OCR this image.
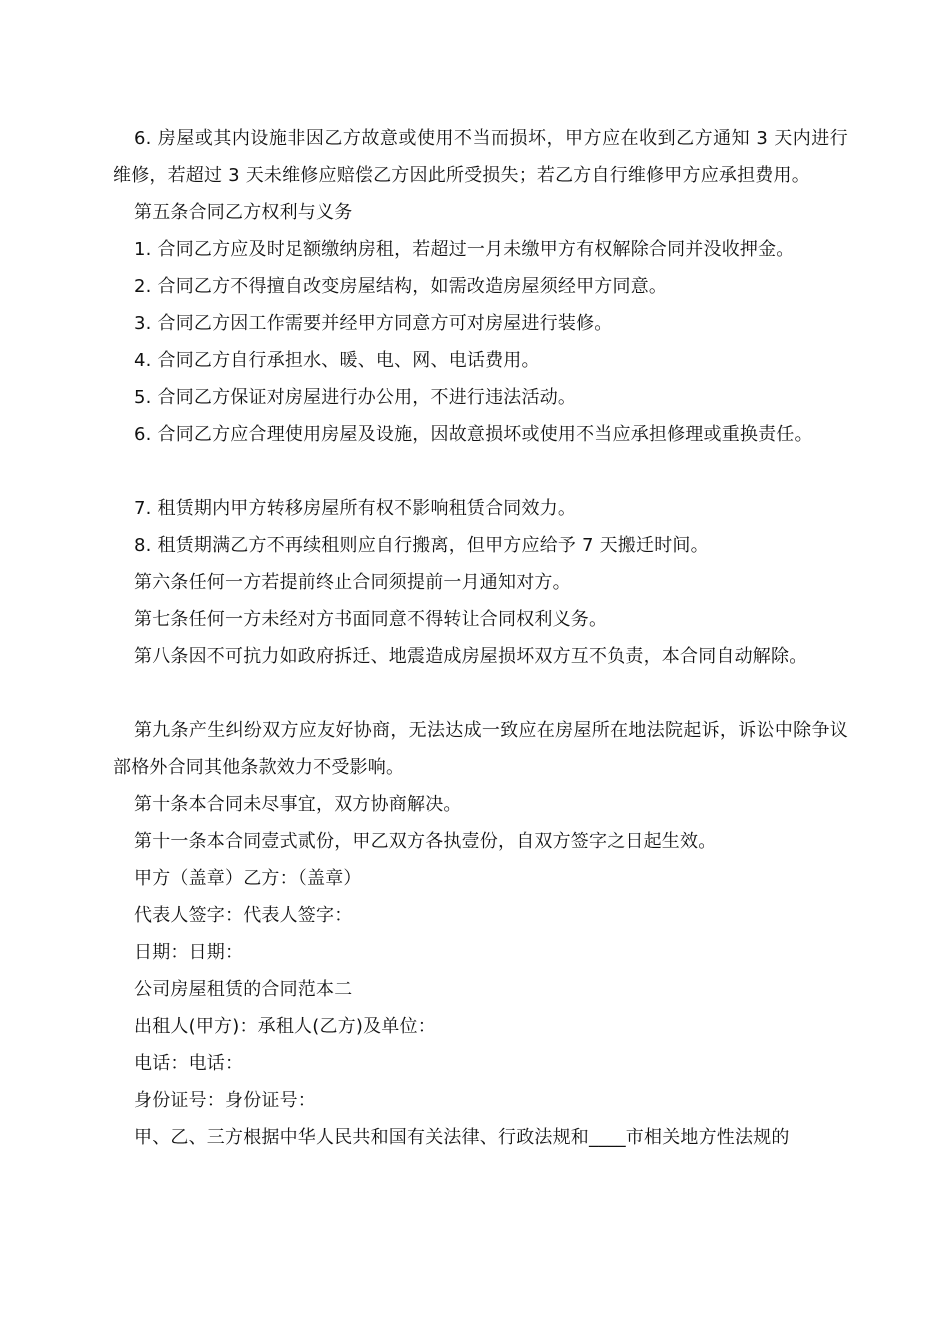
6. 房屋或其内设施非因乙方故意或使用不当而损坏，甲方应在收到乙方通知 3 天内进行维修，若超过 3 天未维修应赔偿乙方因此所受损失；若乙方自行维修甲方应承担费用。

第五条合同乙方权利与义务

1. 合同乙方应及时足额缴纳房租，若超过一月未缴甲方有权解除合同并没收押金。

2. 合同乙方不得擅自改变房屋结构，如需改造房屋须经甲方同意。

3. 合同乙方因工作需要并经甲方同意方可对房屋进行装修。

4. 合同乙方自行承担水、暖、电、网、电话费用。

5. 合同乙方保证对房屋进行办公用，不进行违法活动。

6. 合同乙方应合理使用房屋及设施，因故意损坏或使用不当应承担修理或重换责任。

7. 租赁期内甲方转移房屋所有权不影响租赁合同效力。

8. 租赁期满乙方不再续租则应自行搬离，但甲方应给予 7 天搬迁时间。

第六条任何一方若提前终止合同须提前一月通知对方。

第七条任何一方未经对方书面同意不得转让合同权利义务。

第八条因不可抗力如政府拆迁、地震造成房屋损坏双方互不负责，本合同自动解除。

第九条产生纠纷双方应友好协商，无法达成一致应在房屋所在地法院起诉，诉讼中除争议部格外合同其他条款效力不受影响。

第十条本合同未尽事宜，双方协商解决。

第十一条本合同壹式贰份，甲乙双方各执壹份，自双方签字之日起生效。

甲方（盖章）乙方：（盖章）

代表人签字：代表人签字：

日期：日期：

公司房屋租赁的合同范本二

出租人(甲方)：承租人(乙方)及单位：

电话：电话：

身份证号：身份证号：

甲、乙、三方根据中华人民共和国有关法律、行政法规和____市相关地方性法规的
